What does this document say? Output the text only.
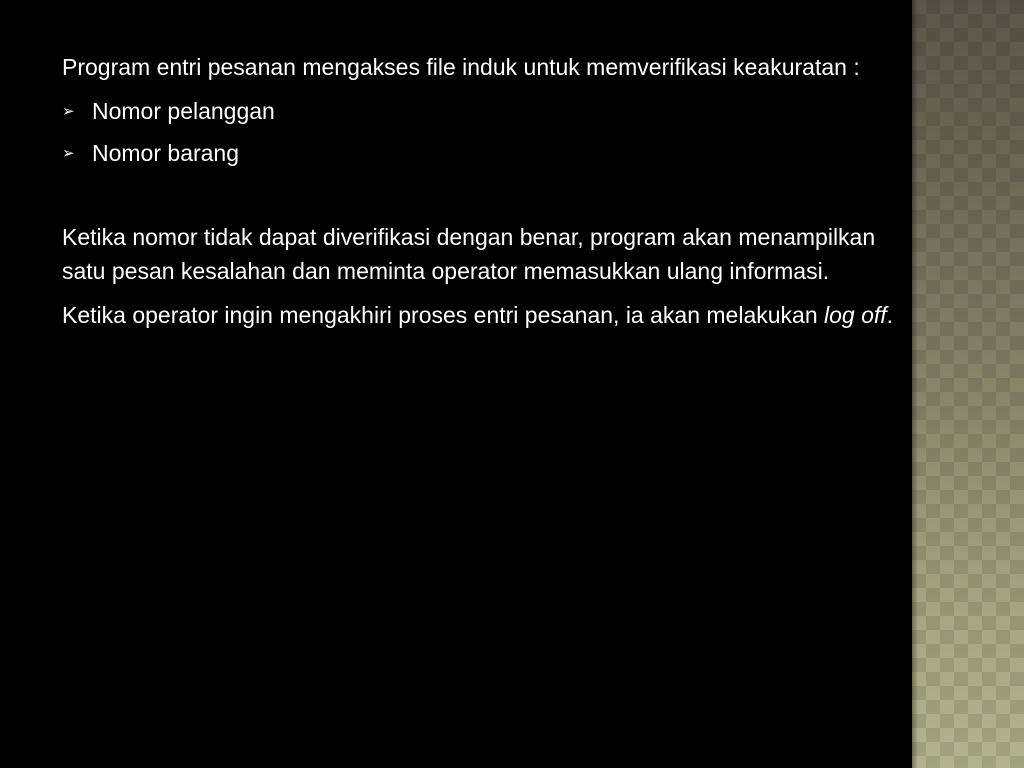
Program entri pesanan mengakses file induk untuk memverifikasi keakuratan :

➢ Nomor pelanggan
➢ Nomor barang

Ketika nomor tidak dapat diverifikasi dengan benar, program akan menampilkan satu pesan kesalahan dan meminta operator memasukkan ulang informasi.

Ketika operator ingin mengakhiri proses entri pesanan, ia akan melakukan log off.
